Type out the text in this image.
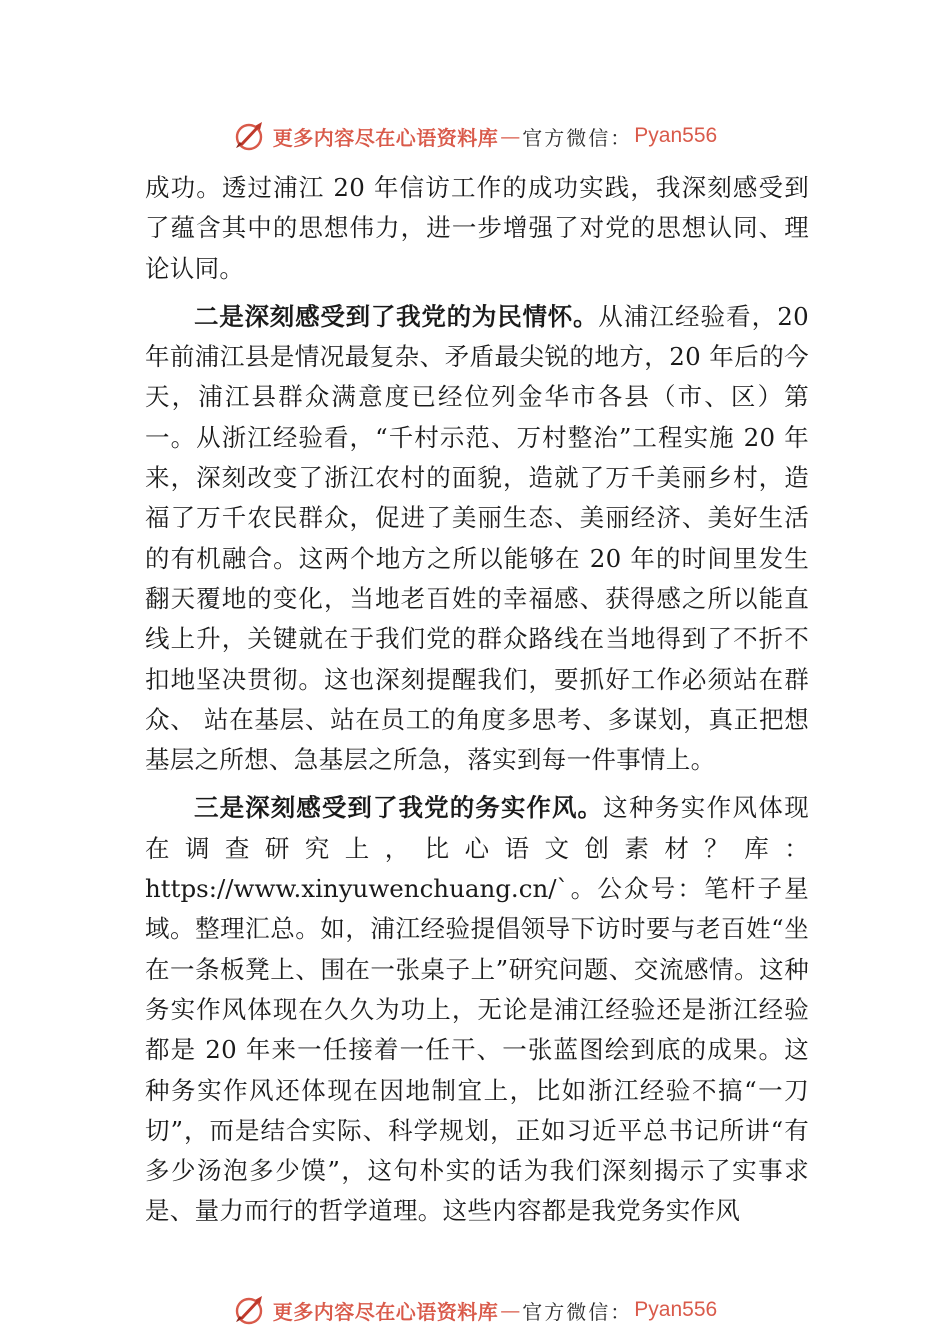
更多内容尽在心语资料库 — 官方微信： Pyan556

成功。透过浦江 20 年信访工作的成功实践，我深刻感受到了蕴含其中的思想伟力，进一步增强了对党的思想认同、理论认同。

二是深刻感受到了我党的为民情怀。从浦江经验看，20 年前浦江县是情况最复杂、矛盾最尖锐的地方，20 年后的今天，浦江县群众满意度已经位列金华市各县（市、区）第一。从浙江经验看，“千村示范、万村整治”工程实施 20 年来，深刻改变了浙江农村的面貌，造就了万千美丽乡村，造福了万千农民群众，促进了美丽生态、美丽经济、美好生活的有机融合。这两个地方之所以能够在 20 年的时间里发生翻天覆地的变化，当地老百姓的幸福感、获得感之所以能直线上升，关键就在于我们党的群众路线在当地得到了不折不扣地坚决贯彻。这也深刻提醒我们，要抓好工作必须站在群众、 站在基层、站在员工的角度多思考、多谋划，真正把想基层之所想、急基层之所急，落实到每一件事情上。

三是深刻感受到了我党的务实作风。这种务实作风体现在调查研究上，比心语文创素材？库：https://www.xinyuwenchuang.cn/`。公众号：笔杆子星域。整理汇总。如，浦江经验提倡领导下访时要与老百姓“坐在一条板凳上、围在一张桌子上”研究问题、交流感情。这种务实作风体现在久久为功上，无论是浦江经验还是浙江经验都是 20 年来一任接着一任干、一张蓝图绘到底的成果。这种务实作风还体现在因地制宜上，比如浙江经验不搞“一刀切”，而是结合实际、科学规划，正如习近平总书记所讲“有多少汤泡多少馍”，这句朴实的话为我们深刻揭示了实事求是、量力而行的哲学道理。这些内容都是我党务实作风

更多内容尽在心语资料库 — 官方微信： Pyan556
